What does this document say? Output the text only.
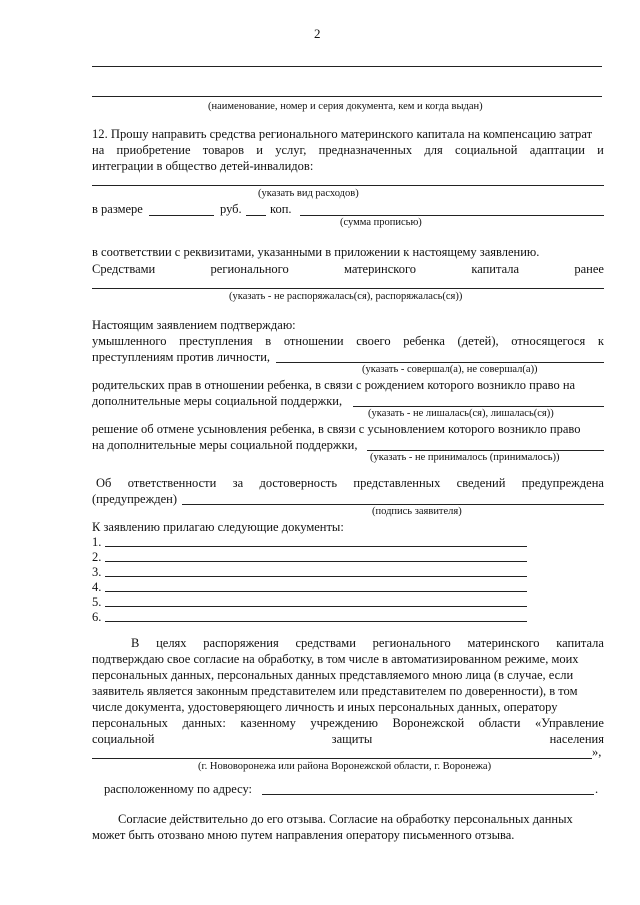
2
(наименование, номер и серия документа, кем и когда выдан)
12. Прошу направить средства регионального материнского капитала на компенсацию затрат
на приобретение товаров и услуг, предназначенных для социальной адаптации и
интеграции в общество детей-инвалидов:
(указать вид расходов)
в размере	руб. коп.
(сумма прописью)
в соответствии с реквизитами, указанными в приложении к настоящему заявлению.
Средствами	регионального	материнского	капитала	ранее
(указать - не распоряжалась(ся), распоряжалась(ся))
Настоящим заявлением подтверждаю:
умышленного преступления в отношении своего ребенка (детей), относящегося к
преступлениям против личности,
(указать - совершал(а), не совершал(а))
родительских прав в отношении ребенка, в связи с рождением которого возникло право на
дополнительные меры социальной поддержки,
(указать - не лишалась(ся), лишалась(ся))
решение об отмене усыновления ребенка, в связи с усыновлением которого возникло право
на дополнительные меры социальной поддержки,
(указать - не принималось (принималось))
Об ответственности за достоверность представленных сведений предупреждена
(предупрежден)
(подпись заявителя)
К заявлению прилагаю следующие документы:
1.
2.
3.
4.
5.
6.
В целях распоряжения средствами регионального материнского капитала
подтверждаю свое согласие на обработку, в том числе в автоматизированном режиме, моих
персональных данных, персональных данных представляемого мною лица (в случае, если
заявитель является законным представителем или представителем по доверенности), в том
числе документа, удостоверяющего личность и иных персональных данных, оператору
персональных данных: казенному учреждению Воронежской области «Управление
социальной	защиты	населения
»,
(г. Нововоронежа или района Воронежской области, г. Воронежа)
расположенному по адресу:	.
Согласие действительно до его отзыва. Согласие на обработку персональных данных
может быть отозвано мною путем направления оператору письменного отзыва.
